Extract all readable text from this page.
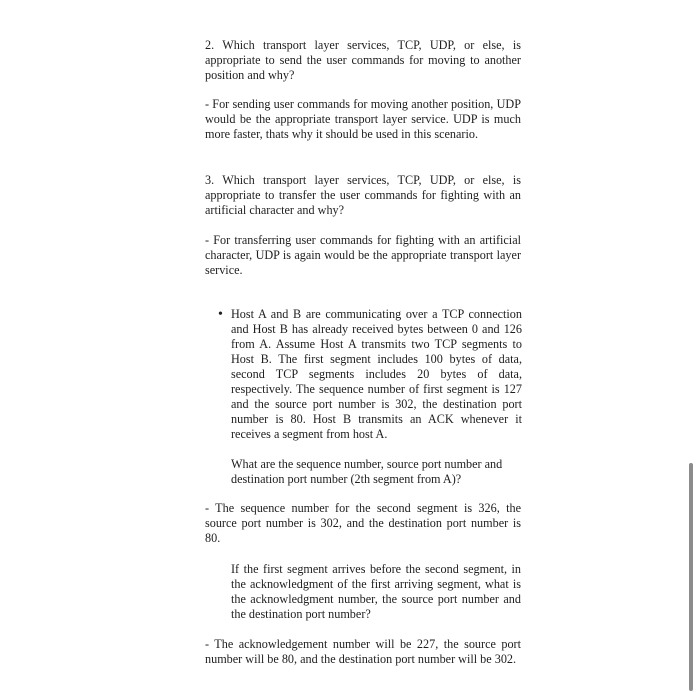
2. Which transport layer services, TCP, UDP, or else, is appropriate to send the user commands for moving to another position and why?

- For sending user commands for moving another position, UDP would be the appropriate transport layer service. UDP is much more faster, thats why it should be used in this scenario.

3. Which transport layer services, TCP, UDP, or else, is appropriate to transfer the user commands for fighting with an artificial character and why?

- For transferring user commands for fighting with an artificial character, UDP is again would be the appropriate transport layer service.

• Host A and B are communicating over a TCP connection and Host B has already received bytes between 0 and 126 from A. Assume Host A transmits two TCP segments to Host B. The first segment includes 100 bytes of data, second TCP segments includes 20 bytes of data, respectively. The sequence number of first segment is 127 and the source port number is 302, the destination port number is 80. Host B transmits an ACK whenever it receives a segment from host A.

What are the sequence number, source port number and destination port number (2th segment from A)?

- The sequence number for the second segment is 326, the source port number is 302, and the destination port number is 80.

If the first segment arrives before the second segment, in the acknowledgment of the first arriving segment, what is the acknowledgment number, the source port number and the destination port number?

- The acknowledgement number will be 227, the source port number will be 80, and the destination port number will be 302.
